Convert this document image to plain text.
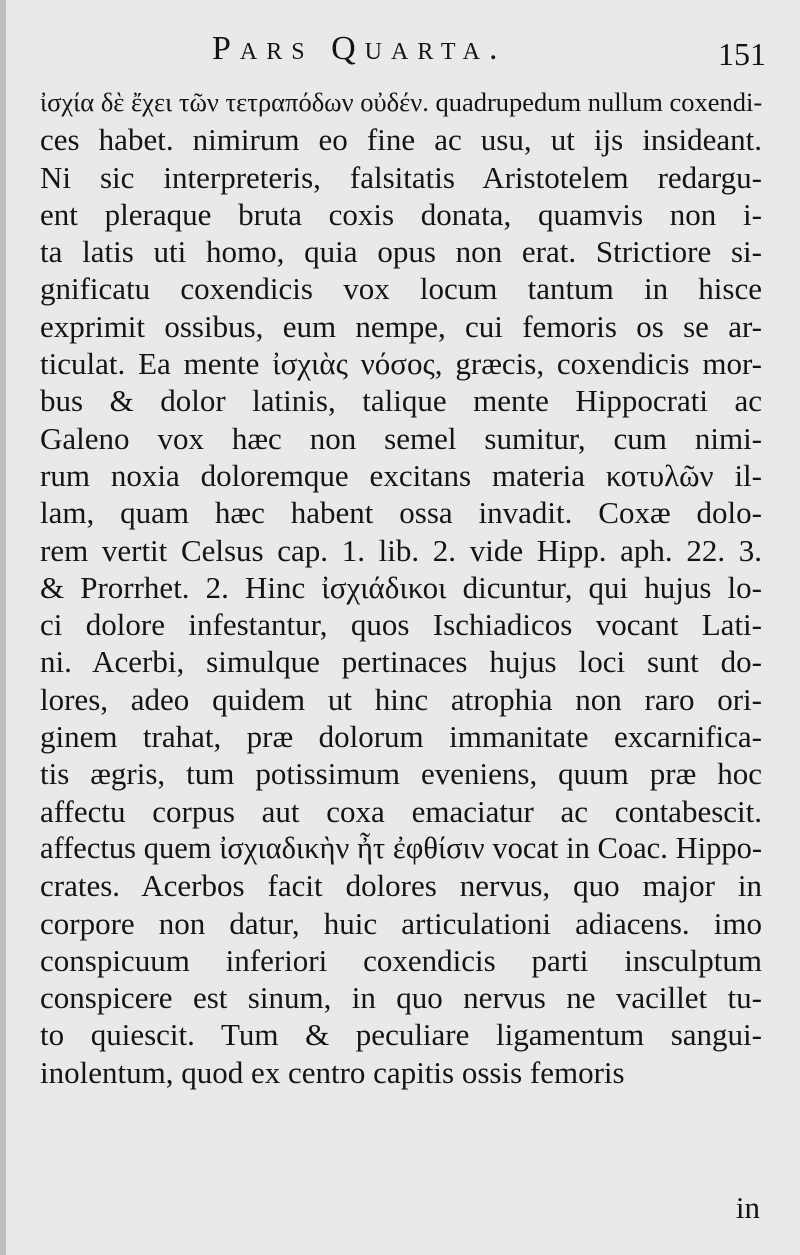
Pars Quarta.	151
ἰσχία δὲ ἔχει τῶν τετραπόδων οὐδέν. quadrupedum nullum coxendi-
ces habet. nimirum eo fine ac usu, ut ijs insideant.
Ni sic interpreteris, falsitatis Aristotelem redargu-
ent pleraque bruta coxis donata, quamvis non i-
ta latis uti homo, quia opus non erat. Strictiore si-
gnificatu coxendicis vox locum tantum in hisce
exprimit ossibus, eum nempe, cui femoris os se ar-
ticulat. Ea mente ἰσχιὰς νόσος, græcis, coxendicis mor-
bus & dolor latinis, talique mente Hippocrati ac
Galeno vox hæc non semel sumitur, cum nimi-
rum noxia doloremque excitans materia κοτυλῶν il-
lam, quam hæc habent ossa invadit. Coxæ dolo-
rem vertit Celsus cap. 1. lib. 2. vide Hipp. aph. 22. 3.
& Prorrhet. 2. Hinc ἰσχιάδικοι dicuntur, qui hujus lo-
ci dolore infestantur, quos Ischiadicos vocant Lati-
ni. Acerbi, simulque pertinaces hujus loci sunt do-
lores, adeo quidem ut hinc atrophia non raro ori-
ginem trahat, præ dolorum immanitate excarnifica-
tis ægris, tum potissimum eveniens, quum præ hoc
affectu corpus aut coxa emaciatur ac contabescit.
affectus quem ἰσχιαδικὴν ἦτ ἐφθίσιν vocat in Coac. Hippo-
crates. Acerbos facit dolores nervus, quo major in
corpore non datur, huic articulationi adiacens. imo
conspicuum inferiori coxendicis parti insculptum
conspicere est sinum, in quo nervus ne vacillet tu-
to quiescit. Tum & peculiare ligamentum sangui-
inolentum, quod ex centro capitis ossis femoris
in
